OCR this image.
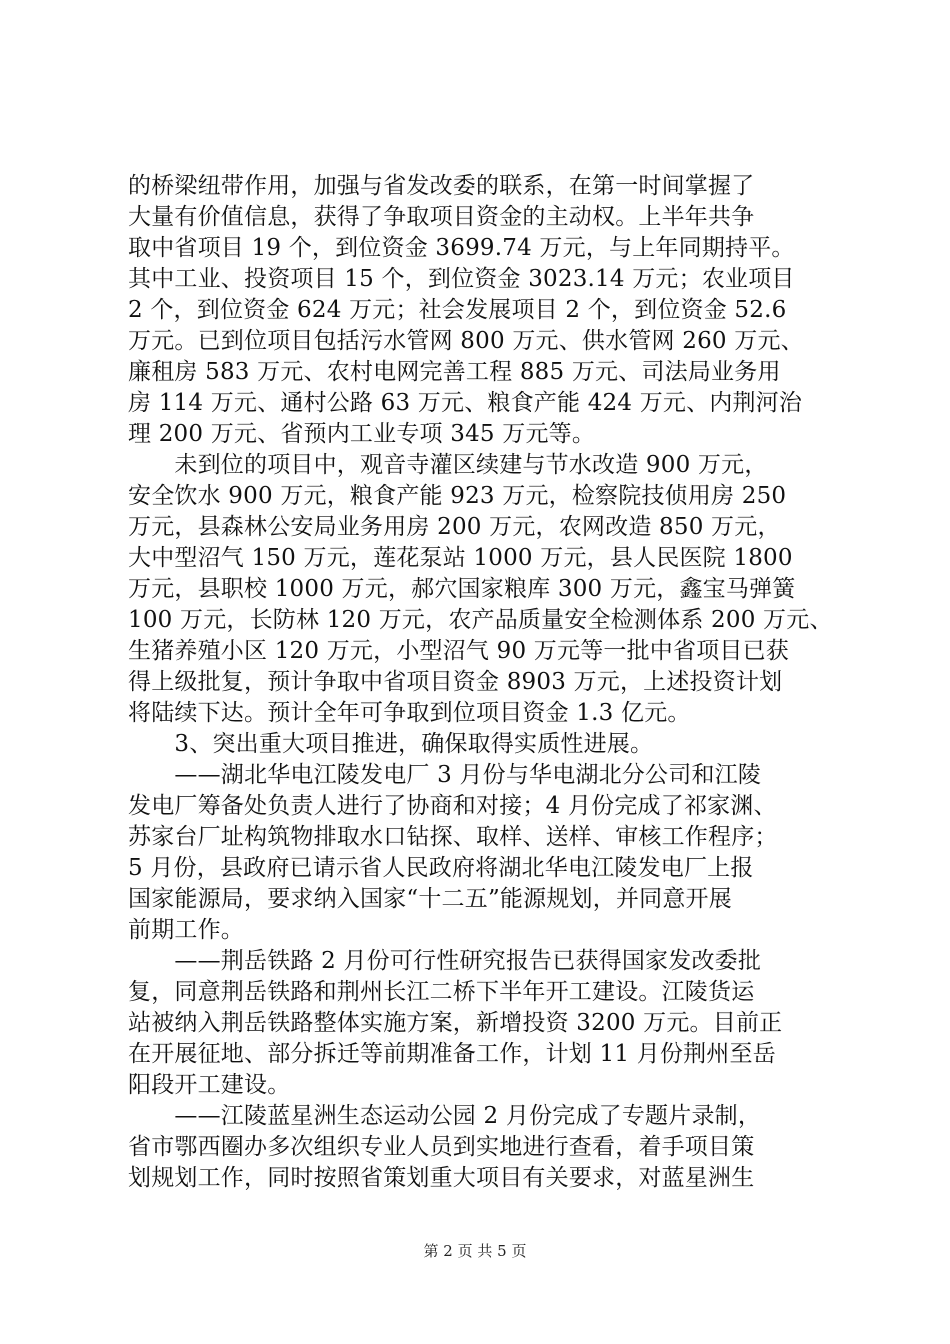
的桥梁纽带作用，加强与省发改委的联系，在第一时间掌握了
大量有价值信息，获得了争取项目资金的主动权。上半年共争
取中省项目 19 个，到位资金 3699.74 万元，与上年同期持平。
其中工业、投资项目 15 个，到位资金 3023.14 万元；农业项目
2 个，到位资金 624 万元；社会发展项目 2 个，到位资金 52.6
万元。已到位项目包括污水管网 800 万元、供水管网 260 万元、
廉租房 583 万元、农村电网完善工程 885 万元、司法局业务用
房 114 万元、通村公路 63 万元、粮食产能 424 万元、内荆河治
理 200 万元、省预内工业专项 345 万元等。
　　未到位的项目中，观音寺灌区续建与节水改造 900 万元，
安全饮水 900 万元，粮食产能 923 万元，检察院技侦用房 250
万元，县森林公安局业务用房 200 万元，农网改造 850 万元，
大中型沼气 150 万元，莲花泵站 1000 万元，县人民医院 1800
万元，县职校 1000 万元，郝穴国家粮库 300 万元，鑫宝马弹簧
100 万元，长防林 120 万元，农产品质量安全检测体系 200 万元、
生猪养殖小区 120 万元，小型沼气 90 万元等一批中省项目已获
得上级批复，预计争取中省项目资金 8903 万元，上述投资计划
将陆续下达。预计全年可争取到位项目资金 1.3 亿元。
　　3、突出重大项目推进，确保取得实质性进展。
　　——湖北华电江陵发电厂 3 月份与华电湖北分公司和江陵
发电厂筹备处负责人进行了协商和对接；4 月份完成了祁家渊、
苏家台厂址构筑物排取水口钻探、取样、送样、审核工作程序；
5 月份，县政府已请示省人民政府将湖北华电江陵发电厂上报
国家能源局，要求纳入国家“十二五”能源规划，并同意开展
前期工作。
　　——荆岳铁路 2 月份可行性研究报告已获得国家发改委批
复，同意荆岳铁路和荆州长江二桥下半年开工建设。江陵货运
站被纳入荆岳铁路整体实施方案，新增投资 3200 万元。目前正
在开展征地、部分拆迁等前期准备工作，计划 11 月份荆州至岳
阳段开工建设。
　　——江陵蓝星洲生态运动公园 2 月份完成了专题片录制，
省市鄂西圈办多次组织专业人员到实地进行查看，着手项目策
划规划工作，同时按照省策划重大项目有关要求，对蓝星洲生
第 2 页 共 5 页
